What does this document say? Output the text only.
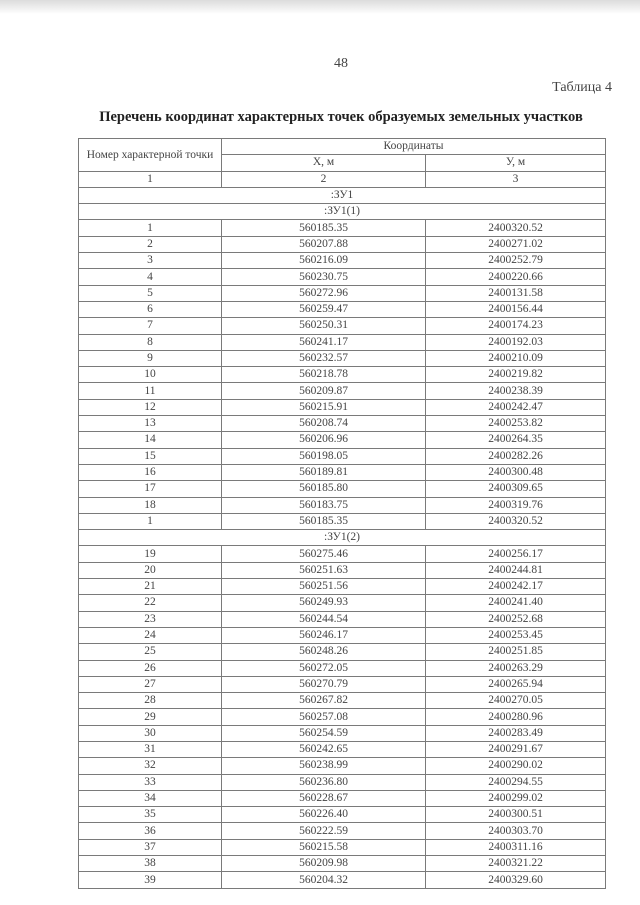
48
Таблица 4
Перечень координат характерных точек образуемых земельных участков
Номер характерной точки	Координаты	
	X, м	У, м
1	2	3
:ЗУ1		
:ЗУ1(1)		
1	560185.35	2400320.52
2	560207.88	2400271.02
3	560216.09	2400252.79
4	560230.75	2400220.66
5	560272.96	2400131.58
6	560259.47	2400156.44
7	560250.31	2400174.23
8	560241.17	2400192.03
9	560232.57	2400210.09
10	560218.78	2400219.82
11	560209.87	2400238.39
12	560215.91	2400242.47
13	560208.74	2400253.82
14	560206.96	2400264.35
15	560198.05	2400282.26
16	560189.81	2400300.48
17	560185.80	2400309.65
18	560183.75	2400319.76
1	560185.35	2400320.52
:ЗУ1(2)		
19	560275.46	2400256.17
20	560251.63	2400244.81
21	560251.56	2400242.17
22	560249.93	2400241.40
23	560244.54	2400252.68
24	560246.17	2400253.45
25	560248.26	2400251.85
26	560272.05	2400263.29
27	560270.79	2400265.94
28	560267.82	2400270.05
29	560257.08	2400280.96
30	560254.59	2400283.49
31	560242.65	2400291.67
32	560238.99	2400290.02
33	560236.80	2400294.55
34	560228.67	2400299.02
35	560226.40	2400300.51
36	560222.59	2400303.70
37	560215.58	2400311.16
38	560209.98	2400321.22
39	560204.32	2400329.60
